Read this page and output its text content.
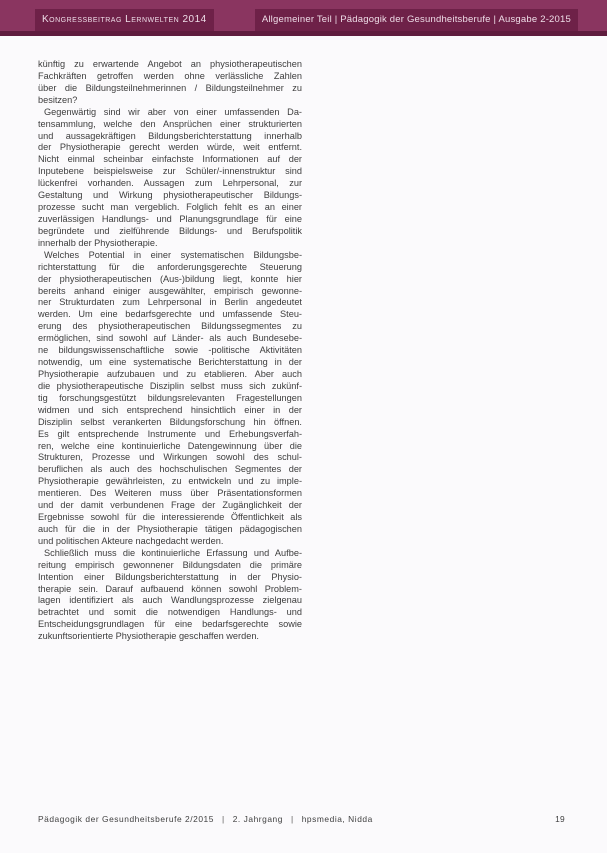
Kongressbeitrag Lernwelten 2014	Allgemeiner Teil | Pädagogik der Gesundheitsberufe | Ausgabe 2-2015
künftig zu erwartende Angebot an physiotherapeutischen
Fachkräften getroffen werden ohne verlässliche Zahlen
über die Bildungsteilnehmerinnen / Bildungsteilnehmer zu
besitzen?
Gegenwärtig sind wir aber von einer umfassenden Da-
tensammlung, welche den Ansprüchen einer strukturierten
und aussagekräftigen Bildungsberichterstattung innerhalb
der Physiotherapie gerecht werden würde, weit entfernt.
Nicht einmal scheinbar einfachste Informationen auf der
Inputebene beispielsweise zur Schüler/-innenstruktur sind
lückenfrei vorhanden. Aussagen zum Lehrpersonal, zur
Gestaltung und Wirkung physiotherapeutischer Bildungs-
prozesse sucht man vergeblich. Folglich fehlt es an einer
zuverlässigen Handlungs- und Planungsgrundlage für eine
begründete und zielführende Bildungs- und Berufspolitik
innerhalb der Physiotherapie.
Welches Potential in einer systematischen Bildungsbe-
richterstattung für die anforderungsgerechte Steuerung
der physiotherapeutischen (Aus-)bildung liegt, konnte hier
bereits anhand einiger ausgewählter, empirisch gewonne-
ner Strukturdaten zum Lehrpersonal in Berlin angedeutet
werden. Um eine bedarfsgerechte und umfassende Steu-
erung des physiotherapeutischen Bildungssegmentes zu
ermöglichen, sind sowohl auf Länder- als auch Bundesebe-
ne bildungswissenschaftliche sowie -politische Aktivitäten
notwendig, um eine systematische Berichterstattung in der
Physiotherapie aufzubauen und zu etablieren. Aber auch
die physiotherapeutische Disziplin selbst muss sich zukünf-
tig forschungsgestützt bildungsrelevanten Fragestellungen
widmen und sich entsprechend hinsichtlich einer in der
Disziplin selbst verankerten Bildungsforschung hin öffnen.
Es gilt entsprechende Instrumente und Erhebungsverfah-
ren, welche eine kontinuierliche Datengewinnung über die
Strukturen, Prozesse und Wirkungen sowohl des schul-
beruflichen als auch des hochschulischen Segmentes der
Physiotherapie gewährleisten, zu entwickeln und zu imple-
mentieren. Des Weiteren muss über Präsentationsformen
und der damit verbundenen Frage der Zugänglichkeit der
Ergebnisse sowohl für die interessierende Öffentlichkeit als
auch für die in der Physiotherapie tätigen pädagogischen
und politischen Akteure nachgedacht werden.
Schließlich muss die kontinuierliche Erfassung und Aufbe-
reitung empirisch gewonnener Bildungsdaten die primäre
Intention einer Bildungsberichterstattung in der Physio-
therapie sein. Darauf aufbauend können sowohl Problem-
lagen identifiziert als auch Wandlungsprozesse zielgenau
betrachtet und somit die notwendigen Handlungs- und
Entscheidungsgrundlagen für eine bedarfsgerechte sowie
zukunftsorientierte Physiotherapie geschaffen werden.
Pädagogik der Gesundheitsberufe 2/2015 | 2. Jahrgang | hpsmedia, Nidda	19
